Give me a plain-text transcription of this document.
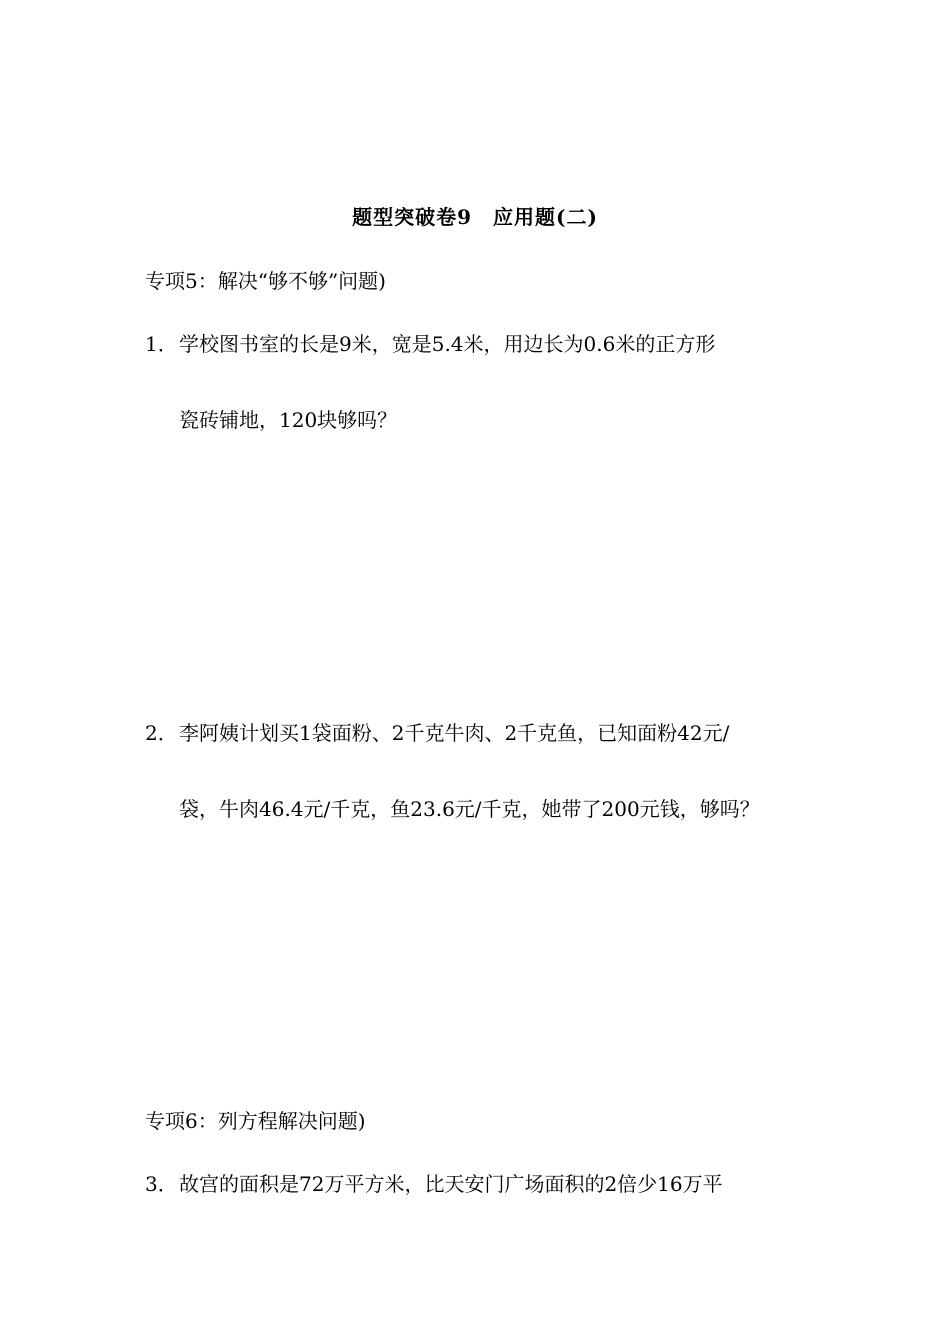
题型突破卷9　应用题(二)
专项5：解决“够不够”问题)
1．学校图书室的长是9米，宽是5.4米，用边长为0.6米的正方形
瓷砖铺地，120块够吗？
2．李阿姨计划买1袋面粉、2千克牛肉、2千克鱼，已知面粉42元/
袋，牛肉46.4元/千克，鱼23.6元/千克，她带了200元钱，够吗？
专项6：列方程解决问题)
3．故宫的面积是72万平方米，比天安门广场面积的2倍少16万平
